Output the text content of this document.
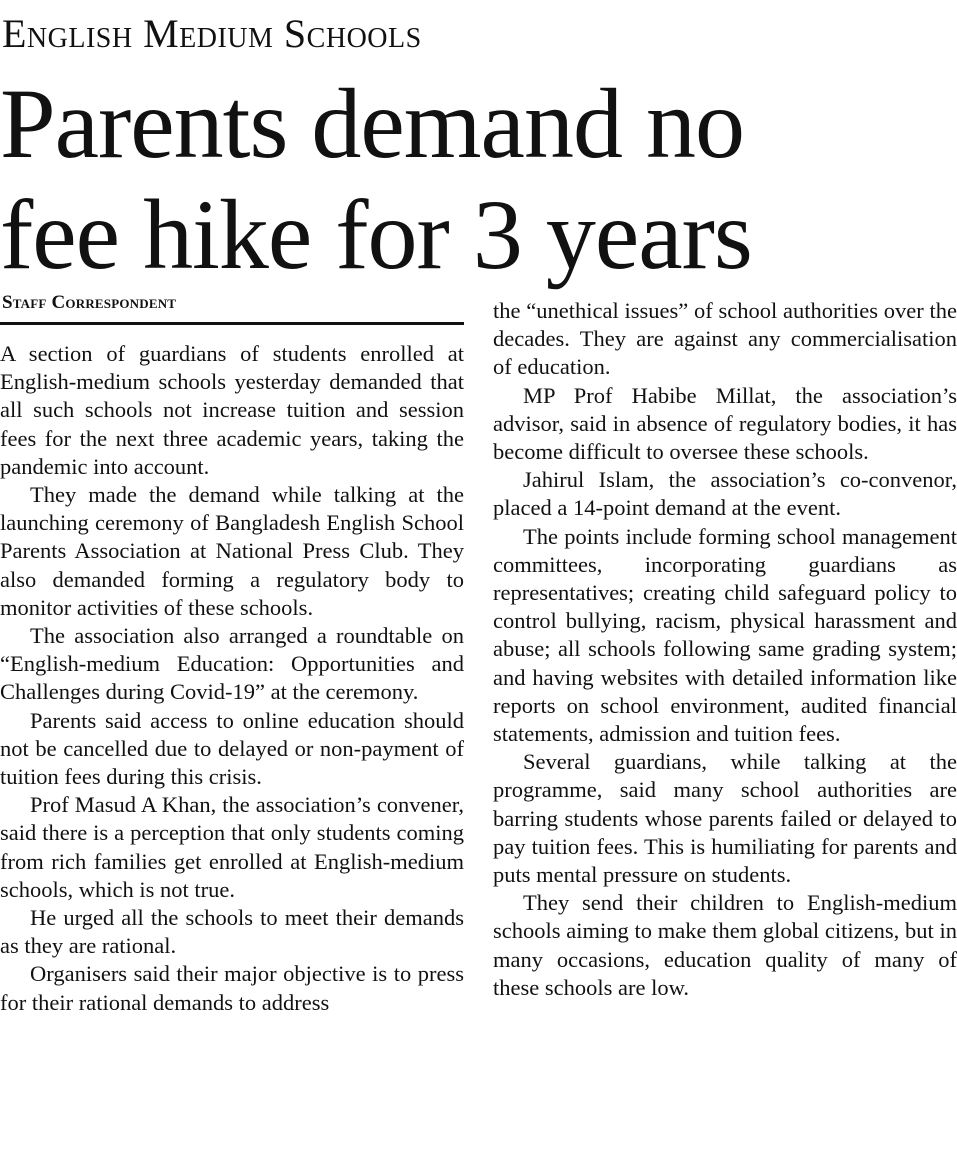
English Medium Schools
Parents demand no
fee hike for 3 years
Staff Correspondent

A section of guardians of students enrolled at English-medium schools yesterday demanded that all such schools not increase tuition and session fees for the next three academic years, taking the pandemic into account.

They made the demand while talking at the launching ceremony of Bangladesh English School Parents Association at National Press Club. They also demanded forming a regulatory body to monitor activities of these schools.

The association also arranged a roundtable on “English-medium Education: Opportunities and Challenges during Covid-19” at the ceremony.

Parents said access to online education should not be cancelled due to delayed or non-payment of tuition fees during this crisis.

Prof Masud A Khan, the association’s convener, said there is a perception that only students coming from rich families get enrolled at English-medium schools, which is not true.

He urged all the schools to meet their demands as they are rational.

Organisers said their major objective is to press for their rational demands to address

the “unethical issues” of school authorities over the decades. They are against any commercialisation of education.

MP Prof Habibe Millat, the association’s advisor, said in absence of regulatory bodies, it has become difficult to oversee these schools.

Jahirul Islam, the association’s co-convenor, placed a 14-point demand at the event.

The points include forming school management committees, incorporating guardians as representatives; creating child safeguard policy to control bullying, racism, physical harassment and abuse; all schools following same grading system; and having websites with detailed information like reports on school environment, audited financial statements, admission and tuition fees.

Several guardians, while talking at the programme, said many school authorities are barring students whose parents failed or delayed to pay tuition fees. This is humiliating for parents and puts mental pressure on students.

They send their children to English-medium schools aiming to make them global citizens, but in many occasions, education quality of many of these schools are low.
